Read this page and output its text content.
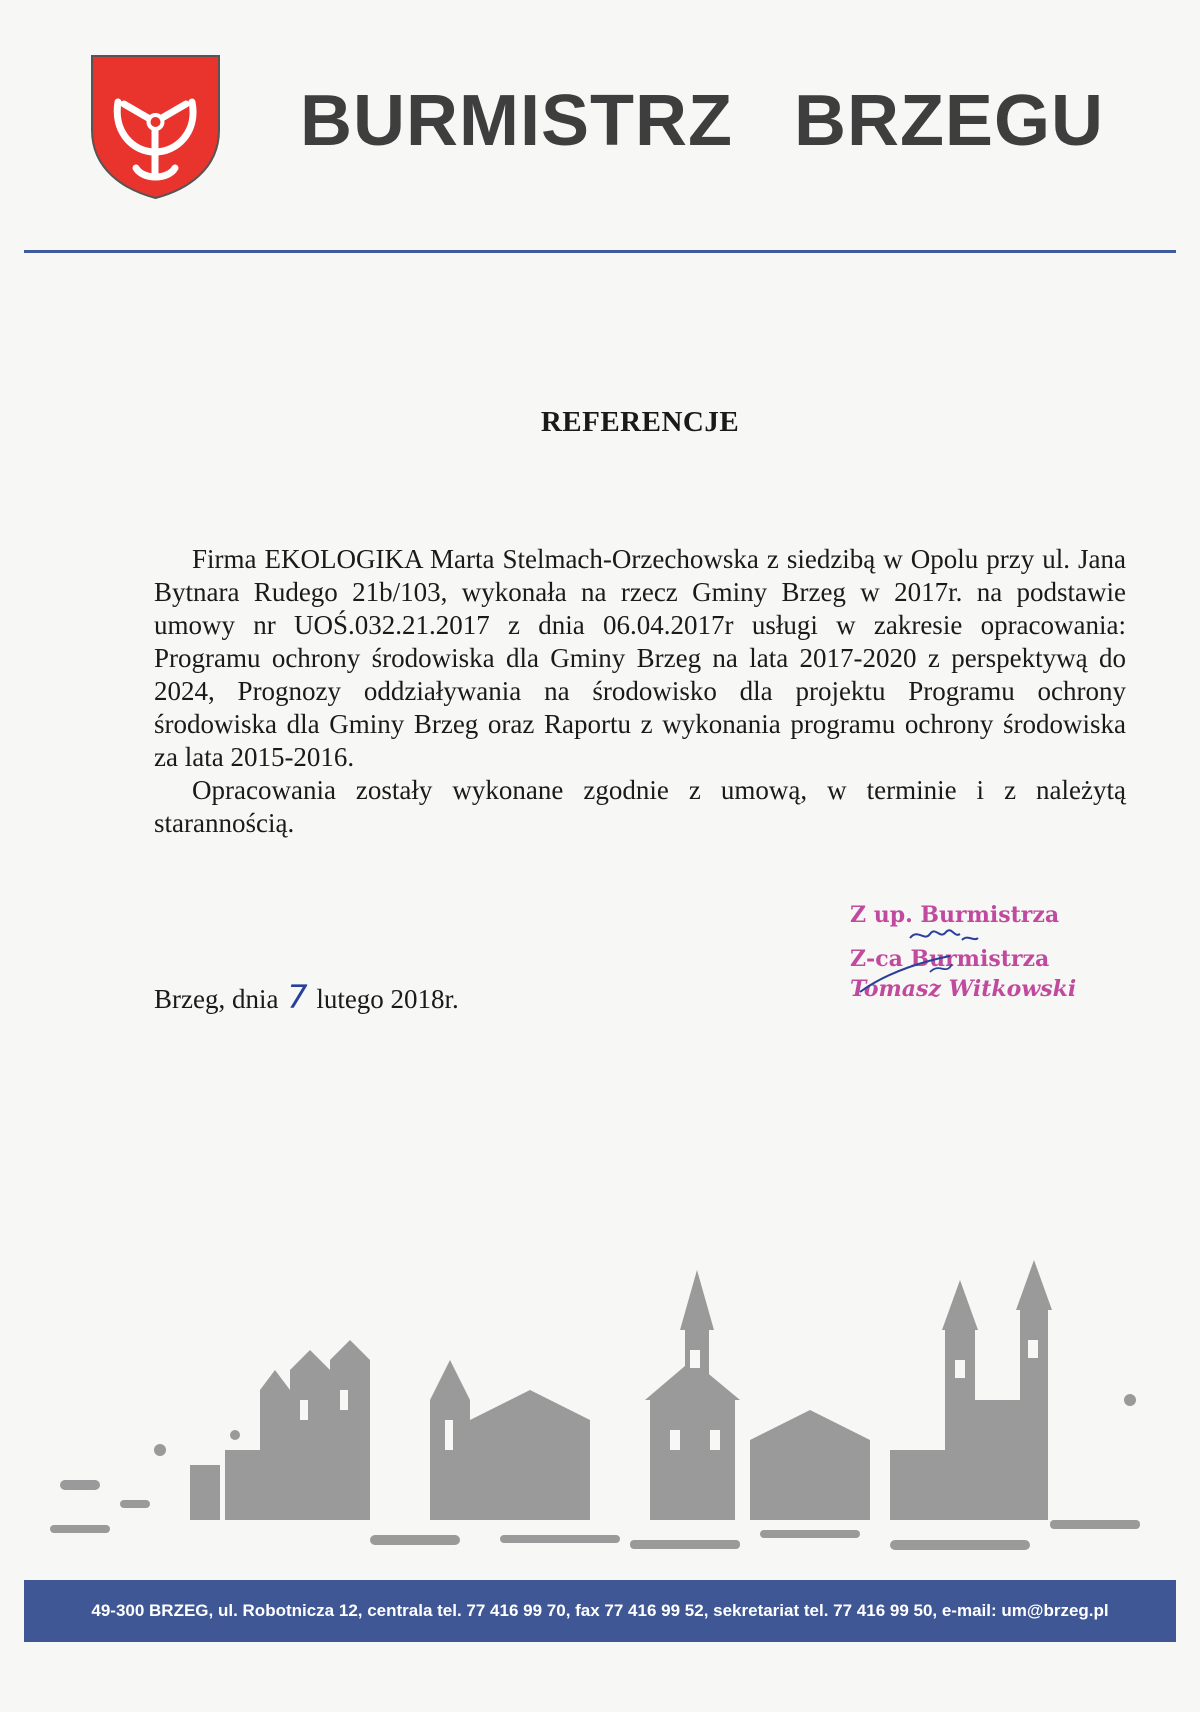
BURMISTRZ BRZEGU
REFERENCJE

Firma EKOLOGIKA Marta Stelmach-Orzechowska z siedzibą w Opolu przy ul. Jana Bytnara Rudego 21b/103, wykonała na rzecz Gminy Brzeg w 2017r. na podstawie umowy nr UOŚ.032.21.2017 z dnia 06.04.2017r usługi w zakresie opracowania: Programu ochrony środowiska dla Gminy Brzeg na lata 2017-2020 z perspektywą do 2024, Prognozy oddziaływania na środowisko dla projektu Programu ochrony środowiska dla Gminy Brzeg oraz Raportu z wykonania programu ochrony środowiska za lata 2015-2016.

Opracowania zostały wykonane zgodnie z umową, w terminie i z należytą starannością.

Z up. Burmistrza
Z-ca Burmistrza
Tomasz Witkowski
Brzeg, dnia 7 lutego 2018r.
49-300 BRZEG, ul. Robotnicza 12, centrala tel. 77 416 99 70, fax 77 416 99 52, sekretariat tel. 77 416 99 50, e-mail: um@brzeg.pl
